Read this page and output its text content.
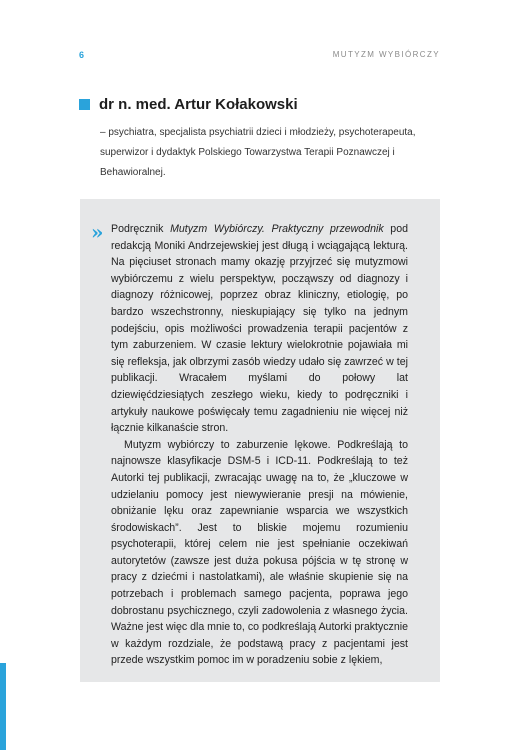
6	MUTYZM WYBIÓRCZY
dr n. med. Artur Kołakowski
– psychiatra, specjalista psychiatrii dzieci i młodzieży, psychoterapeuta, superwizor i dydaktyk Polskiego Towarzystwa Terapii Poznawczej i Behawioralnej.
» Podręcznik Mutyzm Wybiórczy. Praktyczny przewodnik pod redakcją Moniki Andrzejewskiej jest długą i wciągającą lekturą. Na pięciuset stronach mamy okazję przyjrzeć się mutyzmowi wybiórczemu z wielu perspektyw, począwszy od diagnozy i diagnozy różnicowej, poprzez obraz kliniczny, etiologię, po bardzo wszechstronny, nieskupiający się tylko na jednym podejściu, opis możliwości prowadzenia terapii pacjentów z tym zaburzeniem. W czasie lektury wielokrotnie pojawiała mi się refleksja, jak olbrzymi zasób wiedzy udało się zawrzeć w tej publikacji. Wracałem myślami do połowy lat dziewięćdziesiątych zeszłego wieku, kiedy to podręczniki i artykuły naukowe poświęcały temu zagadnieniu nie więcej niż łącznie kilkanaście stron.

Mutyzm wybiórczy to zaburzenie lękowe. Podkreślają to najnowsze klasyfikacje DSM-5 i ICD-11. Podkreślają to też Autorki tej publikacji, zwracając uwagę na to, że „kluczowe w udzielaniu pomocy jest niewywieranie presji na mówienie, obniżanie lęku oraz zapewnianie wsparcia we wszystkich środowiskach”. Jest to bliskie mojemu rozumieniu psychoterapii, której celem nie jest spełnianie oczekiwań autorytetów (zawsze jest duża pokusa pójścia w tę stronę w pracy z dziećmi i nastolatkami), ale właśnie skupienie się na potrzebach i problemach samego pacjenta, poprawa jego dobrostanu psychicznego, czyli zadowolenia z własnego życia. Ważne jest więc dla mnie to, co podkreślają Autorki praktycznie w każdym rozdziale, że podstawą pracy z pacjentami jest przede wszystkim pomoc im w poradzeniu sobie z lękiem,
